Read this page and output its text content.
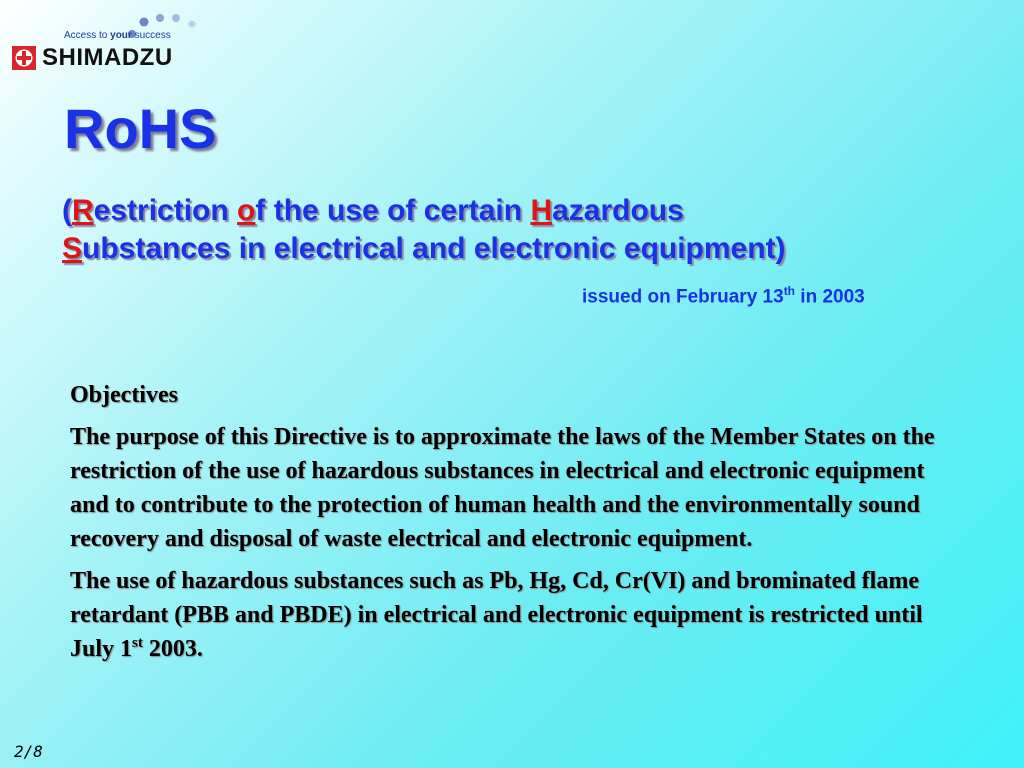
Access to your success
SHIMADZU
RoHS
(Restriction of the use of certain Hazardous
Substances in electrical and electronic equipment)
issued on February 13th in 2003

Objectives

The purpose of this Directive is to approximate the laws of the Member States on the restriction of the use of hazardous substances in electrical and electronic equipment and to contribute to the protection of human health and the environmentally sound recovery and disposal of waste electrical and electronic equipment.

The use of hazardous substances such as Pb, Hg, Cd, Cr(VI) and brominated flame retardant (PBB and PBDE) in electrical and electronic equipment is restricted until July 1st 2003.

2/8
